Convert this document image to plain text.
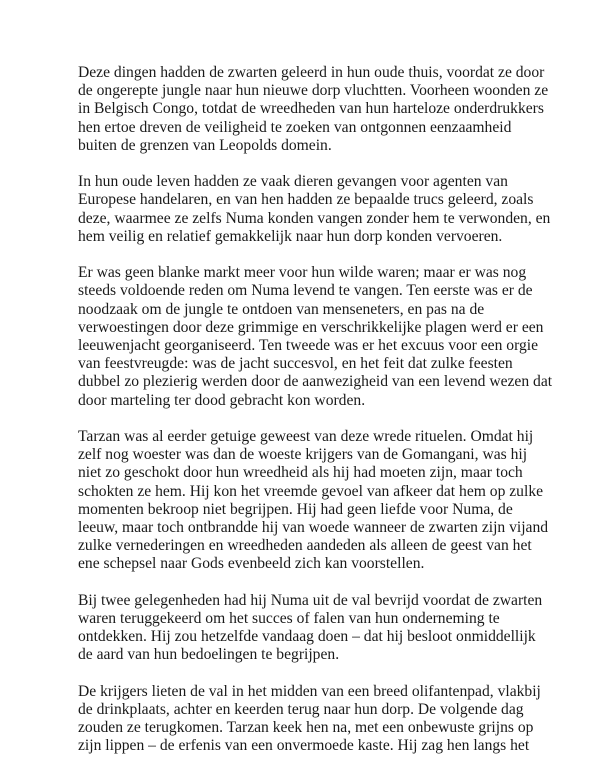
Deze dingen hadden de zwarten geleerd in hun oude thuis, voordat ze door
de ongerepte jungle naar hun nieuwe dorp vluchtten. Voorheen woonden ze
in Belgisch Congo, totdat de wreedheden van hun harteloze onderdrukkers
hen ertoe dreven de veiligheid te zoeken van ontgonnen eenzaamheid
buiten de grenzen van Leopolds domein.

In hun oude leven hadden ze vaak dieren gevangen voor agenten van
Europese handelaren, en van hen hadden ze bepaalde trucs geleerd, zoals
deze, waarmee ze zelfs Numa konden vangen zonder hem te verwonden, en
hem veilig en relatief gemakkelijk naar hun dorp konden vervoeren.

Er was geen blanke markt meer voor hun wilde waren; maar er was nog
steeds voldoende reden om Numa levend te vangen. Ten eerste was er de
noodzaak om de jungle te ontdoen van menseneters, en pas na de
verwoestingen door deze grimmige en verschrikkelijke plagen werd er een
leeuwenjacht georganiseerd. Ten tweede was er het excuus voor een orgie
van feestvreugde: was de jacht succesvol, en het feit dat zulke feesten
dubbel zo plezierig werden door de aanwezigheid van een levend wezen dat
door marteling ter dood gebracht kon worden.

Tarzan was al eerder getuige geweest van deze wrede rituelen. Omdat hij
zelf nog woester was dan de woeste krijgers van de Gomangani, was hij
niet zo geschokt door hun wreedheid als hij had moeten zijn, maar toch
schokten ze hem. Hij kon het vreemde gevoel van afkeer dat hem op zulke
momenten bekroop niet begrijpen. Hij had geen liefde voor Numa, de
leeuw, maar toch ontbrandde hij van woede wanneer de zwarten zijn vijand
zulke vernederingen en wreedheden aandeden als alleen de geest van het
ene schepsel naar Gods evenbeeld zich kan voorstellen.

Bij twee gelegenheden had hij Numa uit de val bevrijd voordat de zwarten
waren teruggekeerd om het succes of falen van hun onderneming te
ontdekken. Hij zou hetzelfde vandaag doen – dat hij besloot onmiddellijk
de aard van hun bedoelingen te begrijpen.

De krijgers lieten de val in het midden van een breed olifantenpad, vlakbij
de drinkplaats, achter en keerden terug naar hun dorp. De volgende dag
zouden ze terugkomen. Tarzan keek hen na, met een onbewuste grijns op
zijn lippen – de erfenis van een onvermoede kaste. Hij zag hen langs het
